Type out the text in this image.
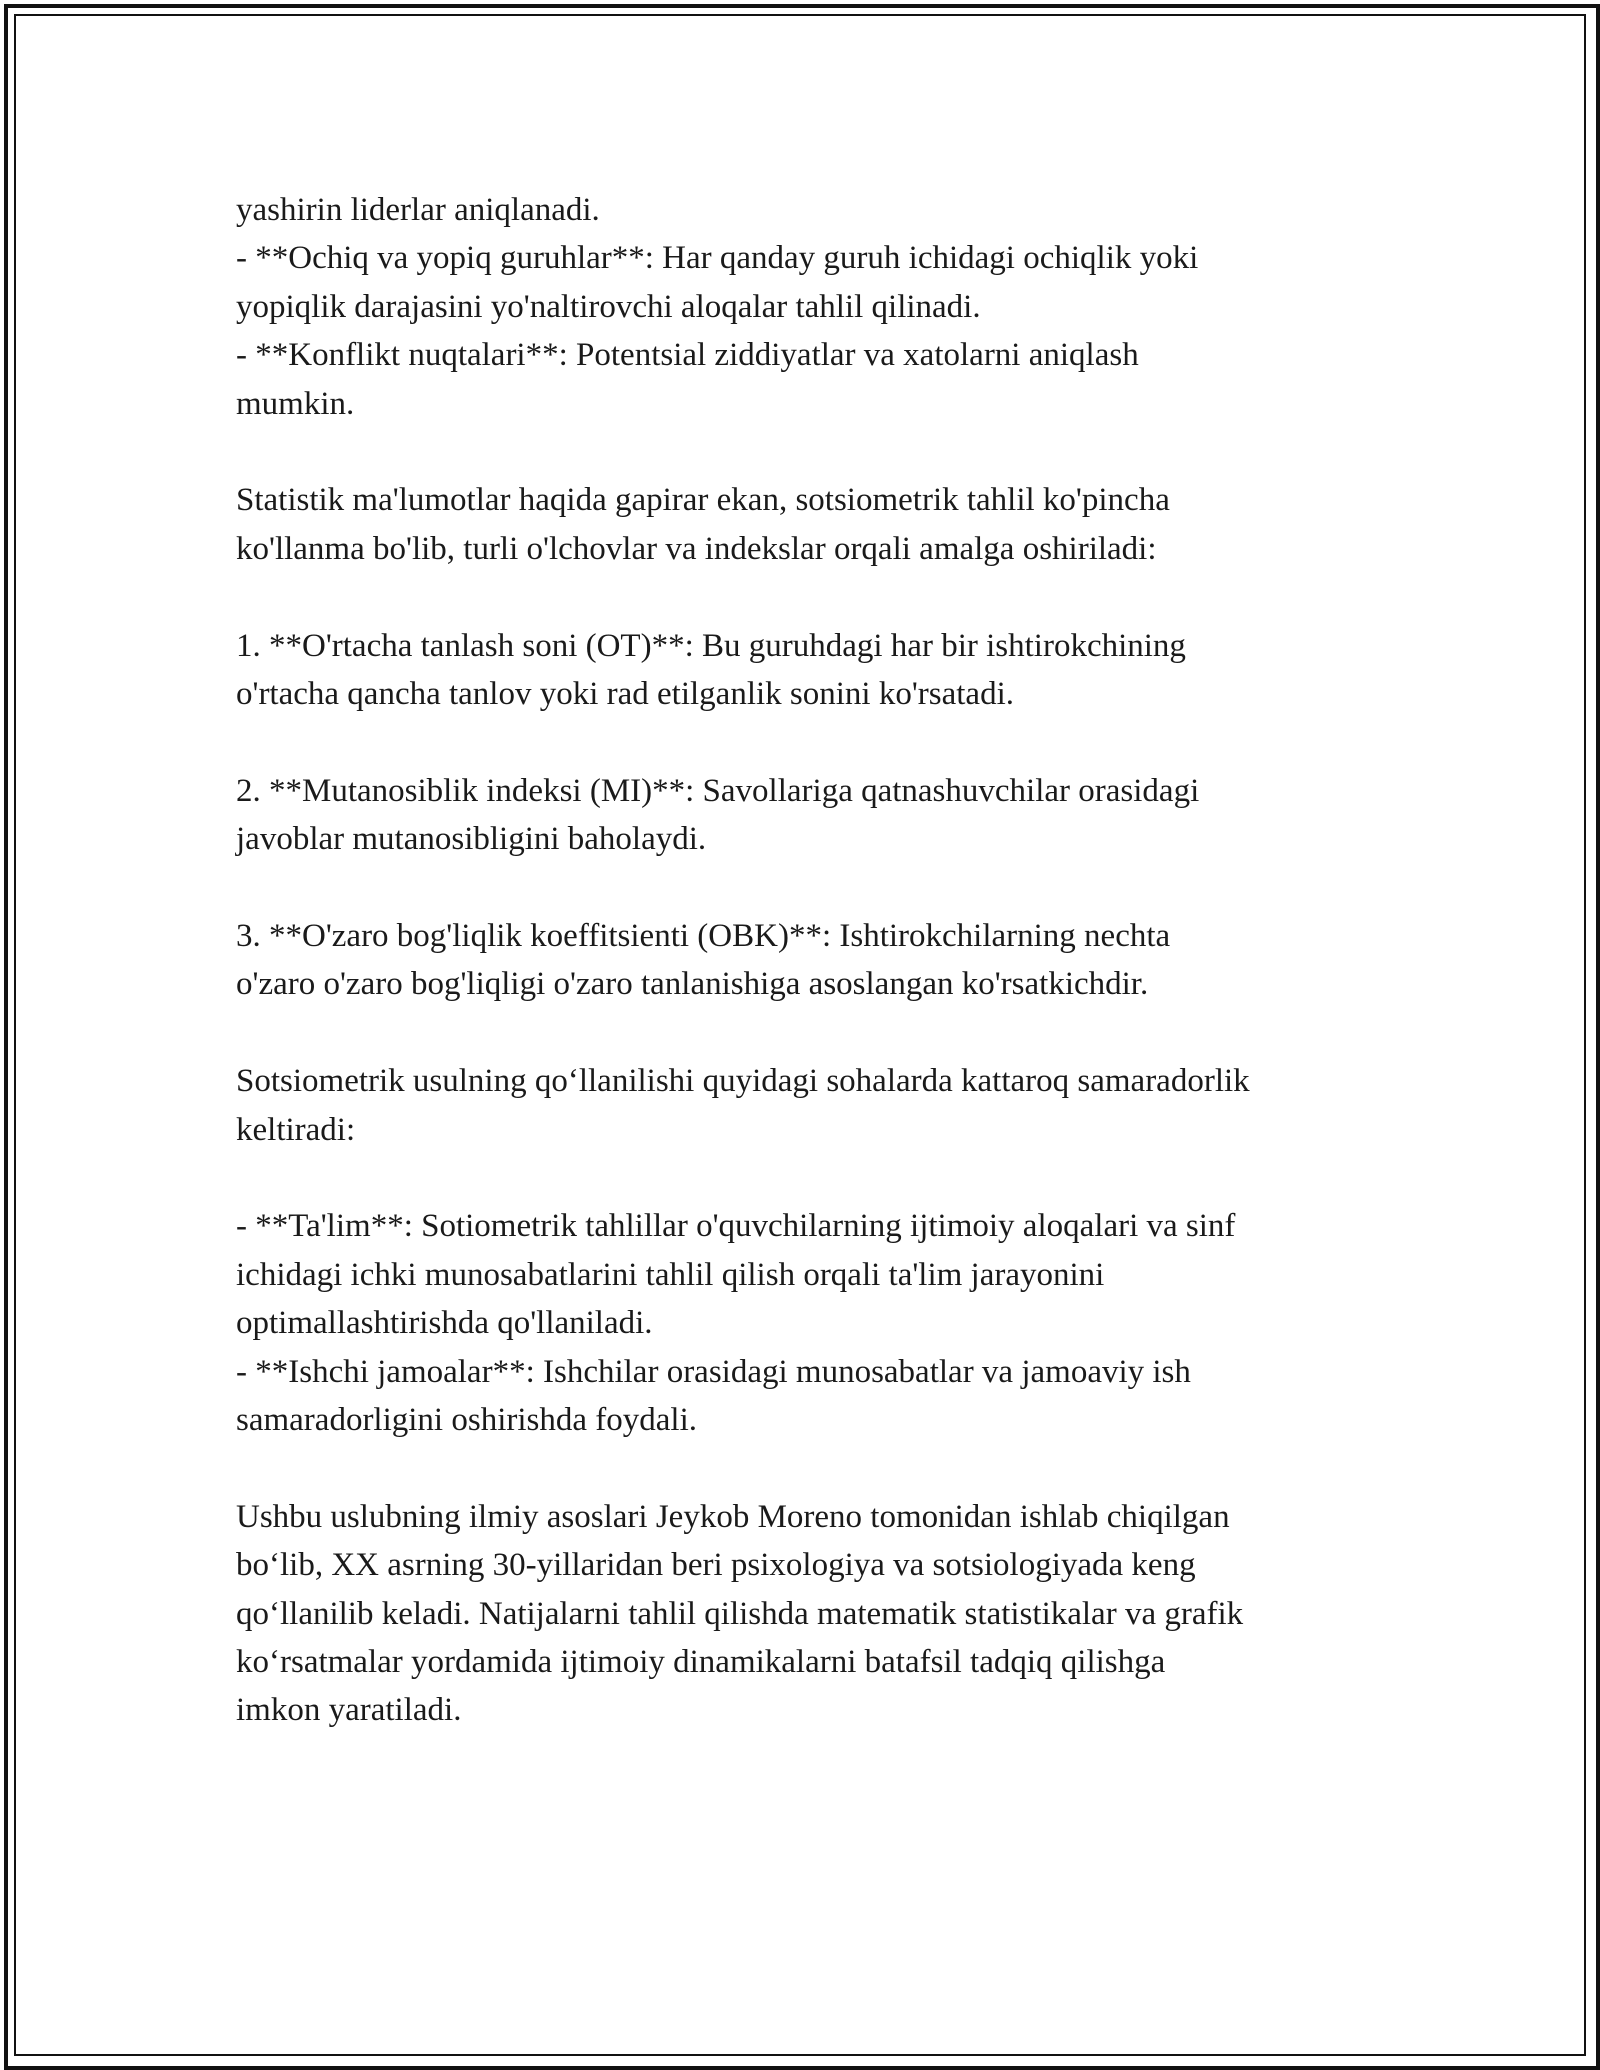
yashirin liderlar aniqlanadi.
- **Ochiq va yopiq guruhlar**: Har qanday guruh ichidagi ochiqlik yoki
yopiqlik darajasini yo'naltirovchi aloqalar tahlil qilinadi.
- **Konflikt nuqtalari**: Potentsial ziddiyatlar va xatolarni aniqlash
mumkin.

Statistik ma'lumotlar haqida gapirar ekan, sotsiometrik tahlil ko'pincha
ko'llanma bo'lib, turli o'lchovlar va indekslar orqali amalga oshiriladi:

1. **O'rtacha tanlash soni (OT)**: Bu guruhdagi har bir ishtirokchining
o'rtacha qancha tanlov yoki rad etilganlik sonini ko'rsatadi.

2. **Mutanosiblik indeksi (MI)**: Savollariga qatnashuvchilar orasidagi
javoblar mutanosibligini baholaydi.

3. **O'zaro bog'liqlik koeffitsienti (OBK)**: Ishtirokchilarning nechta
o'zaro o'zaro bog'liqligi o'zaro tanlanishiga asoslangan ko'rsatkichdir.

Sotsiometrik usulning qo‘llanilishi quyidagi sohalarda kattaroq samaradorlik
keltiradi:

- **Ta'lim**: Sotiometrik tahlillar o'quvchilarning ijtimoiy aloqalari va sinf
ichidagi ichki munosabatlarini tahlil qilish orqali ta'lim jarayonini
optimallashtirishda qo'llaniladi.
- **Ishchi jamoalar**: Ishchilar orasidagi munosabatlar va jamoaviy ish
samaradorligini oshirishda foydali.

Ushbu uslubning ilmiy asoslari Jeykob Moreno tomonidan ishlab chiqilgan
bo‘lib, XX asrning 30-yillaridan beri psixologiya va sotsiologiyada keng
qo‘llanilib keladi. Natijalarni tahlil qilishda matematik statistikalar va grafik
ko‘rsatmalar yordamida ijtimoiy dinamikalarni batafsil tadqiq qilishga
imkon yaratiladi.
